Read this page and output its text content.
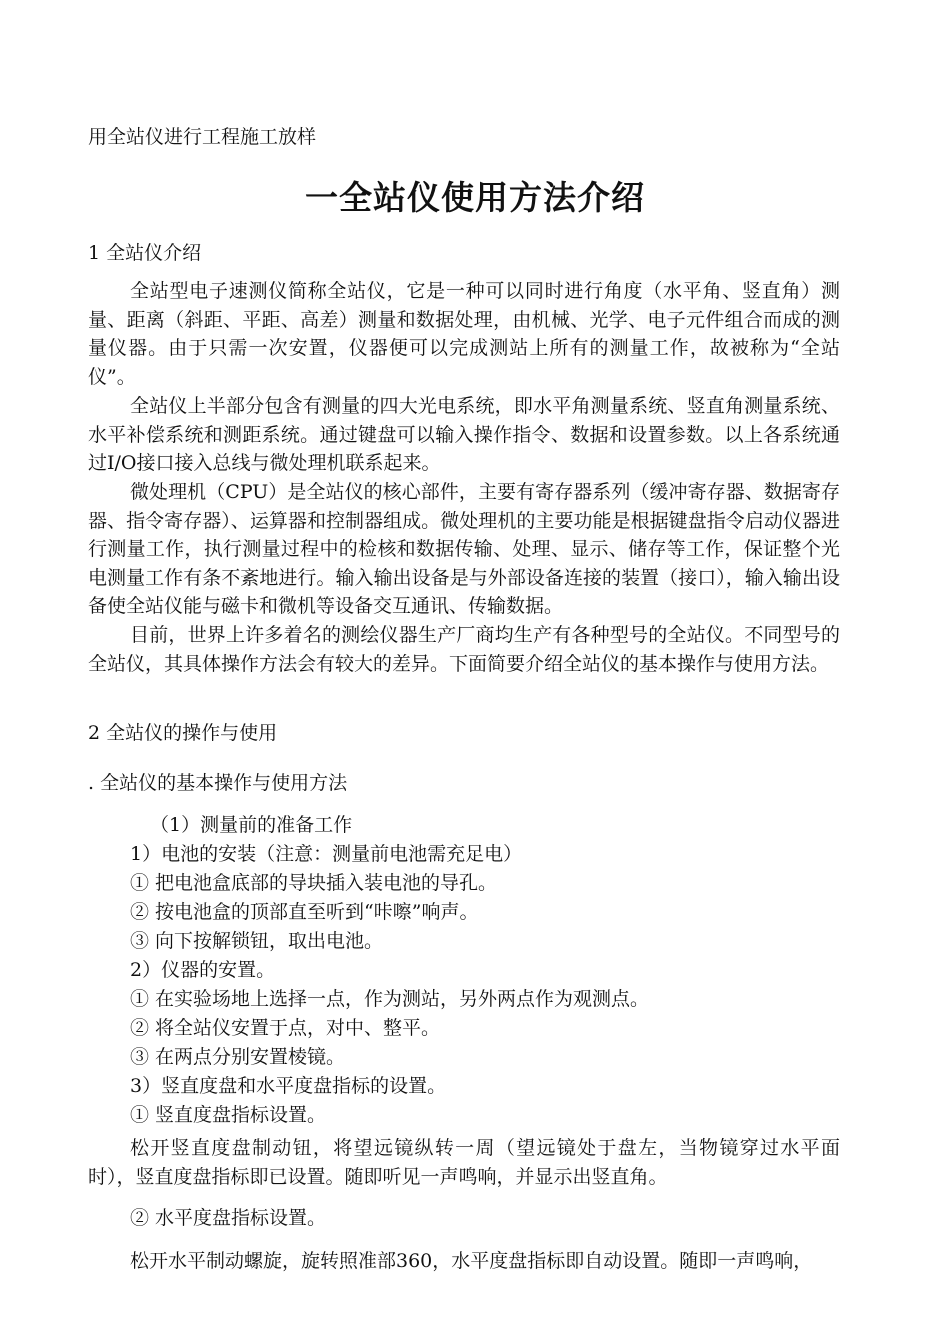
用全站仪进行工程施工放样
一全站仪使用方法介绍
1 全站仪介绍

全站型电子速测仪简称全站仪，它是一种可以同时进行角度（水平角、竖直角）测量、距离（斜距、平距、高差）测量和数据处理，由机械、光学、电子元件组合而成的测量仪器。由于只需一次安置，仪器便可以完成测站上所有的测量工作，故被称为“全站仪”。

全站仪上半部分包含有测量的四大光电系统，即水平角测量系统、竖直角测量系统、水平补偿系统和测距系统。通过键盘可以输入操作指令、数据和设置参数。以上各系统通过I/O接口接入总线与微处理机联系起来。

微处理机（CPU）是全站仪的核心部件，主要有寄存器系列（缓冲寄存器、数据寄存器、指令寄存器）、运算器和控制器组成。微处理机的主要功能是根据键盘指令启动仪器进行测量工作，执行测量过程中的检核和数据传输、处理、显示、储存等工作，保证整个光电测量工作有条不紊地进行。输入输出设备是与外部设备连接的装置（接口），输入输出设备使全站仪能与磁卡和微机等设备交互通讯、传输数据。

目前，世界上许多着名的测绘仪器生产厂商均生产有各种型号的全站仪。不同型号的全站仪，其具体操作方法会有较大的差异。下面简要介绍全站仪的基本操作与使用方法。

2 全站仪的操作与使用
. 全站仪的基本操作与使用方法
（1）测量前的准备工作
1）电池的安装（注意：测量前电池需充足电）
① 把电池盒底部的导块插入装电池的导孔。
② 按电池盒的顶部直至听到“咔嚓”响声。
③ 向下按解锁钮，取出电池。
2）仪器的安置。
① 在实验场地上选择一点，作为测站，另外两点作为观测点。
② 将全站仪安置于点，对中、整平。
③ 在两点分别安置棱镜。
3）竖直度盘和水平度盘指标的设置。
① 竖直度盘指标设置。

松开竖直度盘制动钮，将望远镜纵转一周（望远镜处于盘左，当物镜穿过水平面时），竖直度盘指标即已设置。随即听见一声鸣响，并显示出竖直角。

② 水平度盘指标设置。

松开水平制动螺旋，旋转照准部360，水平度盘指标即自动设置。随即一声鸣响，
